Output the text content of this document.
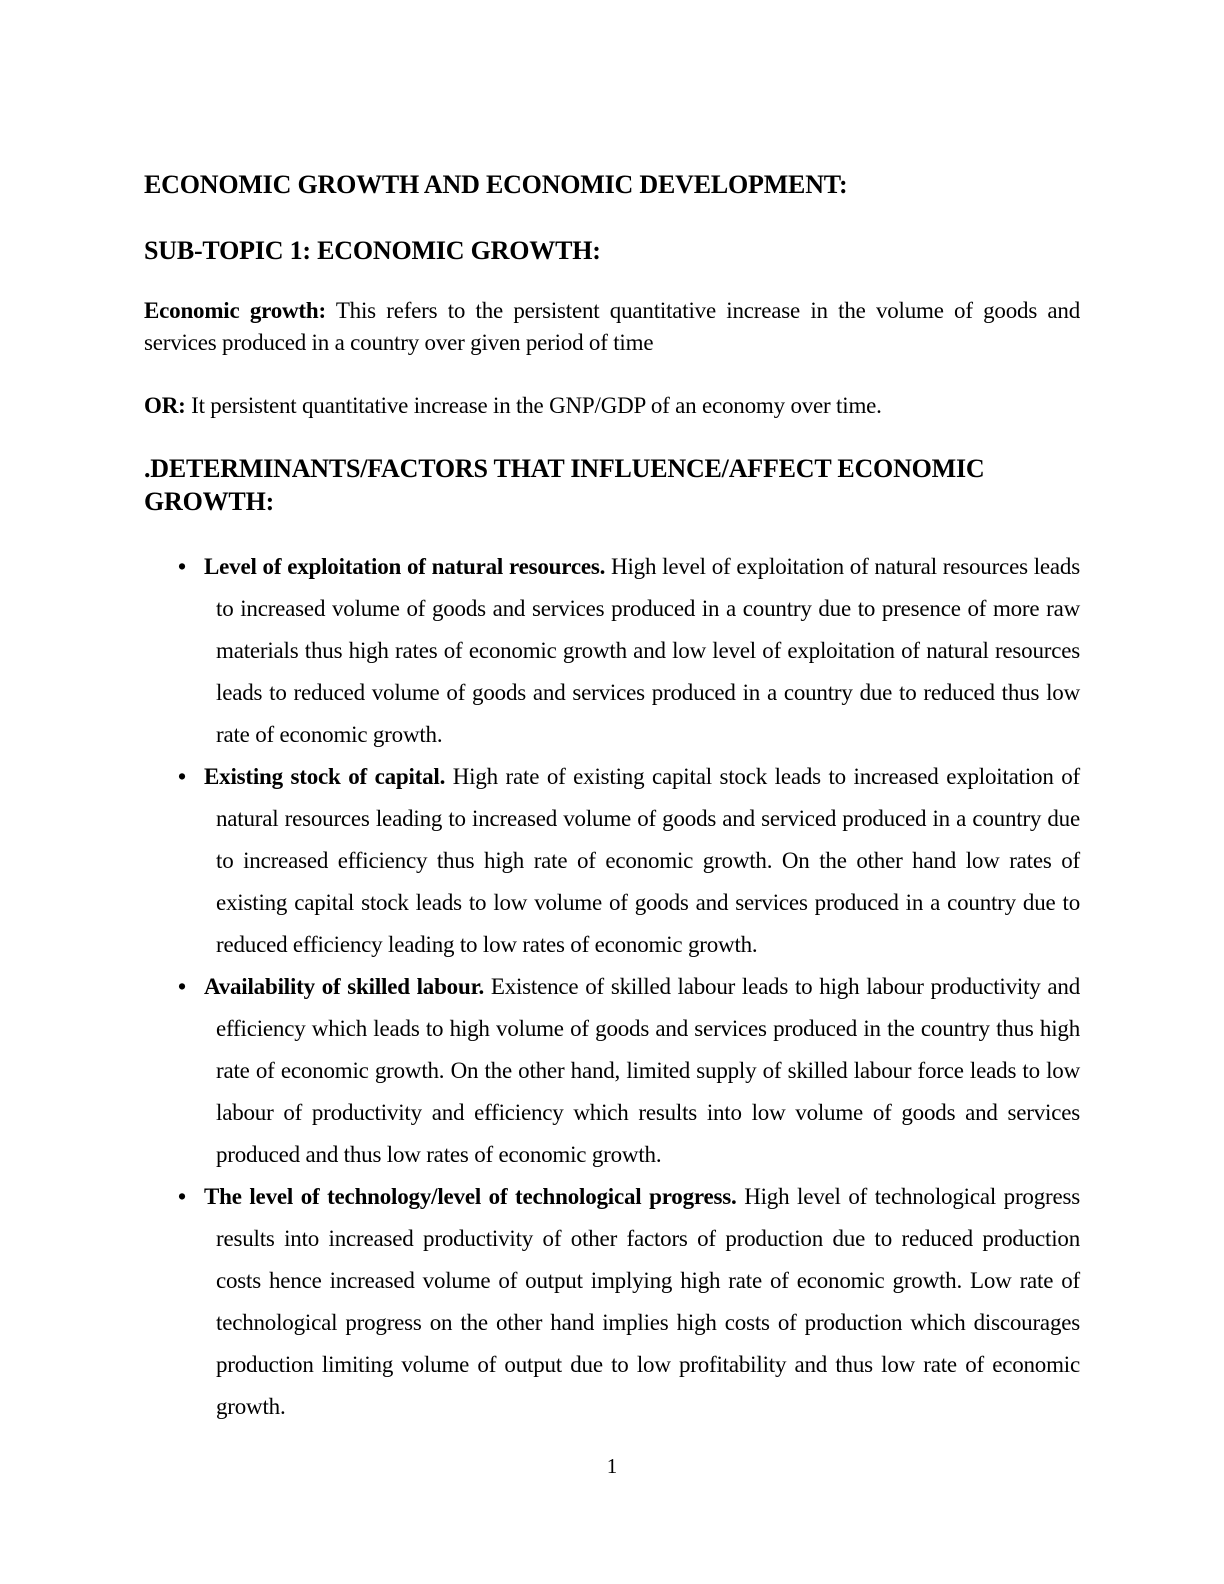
ECONOMIC GROWTH AND ECONOMIC DEVELOPMENT:
SUB-TOPIC 1: ECONOMIC GROWTH:

Economic growth: This refers to the persistent quantitative increase in the volume of goods and services produced in a country over given period of time

OR: It persistent quantitative increase in the GNP/GDP of an economy over time.

.DETERMINANTS/FACTORS THAT INFLUENCE/AFFECT ECONOMIC GROWTH:
• Level of exploitation of natural resources. High level of exploitation of natural resources leads to increased volume of goods and services produced in a country due to presence of more raw materials thus high rates of economic growth and low level of exploitation of natural resources leads to reduced volume of goods and services produced in a country due to reduced thus low rate of economic growth.
• Existing stock of capital. High rate of existing capital stock leads to increased exploitation of natural resources leading to increased volume of goods and serviced produced in a country due to increased efficiency thus high rate of economic growth. On the other hand low rates of existing capital stock leads to low volume of goods and services produced in a country due to reduced efficiency leading to low rates of economic growth.
• Availability of skilled labour. Existence of skilled labour leads to high labour productivity and efficiency which leads to high volume of goods and services produced in the country thus high rate of economic growth. On the other hand, limited supply of skilled labour force leads to low labour of productivity and efficiency which results into low volume of goods and services produced and thus low rates of economic growth.
• The level of technology/level of technological progress. High level of technological progress results into increased productivity of other factors of production due to reduced production costs hence increased volume of output implying high rate of economic growth. Low rate of technological progress on the other hand implies high costs of production which discourages production limiting volume of output due to low profitability and thus low rate of economic growth.
1
